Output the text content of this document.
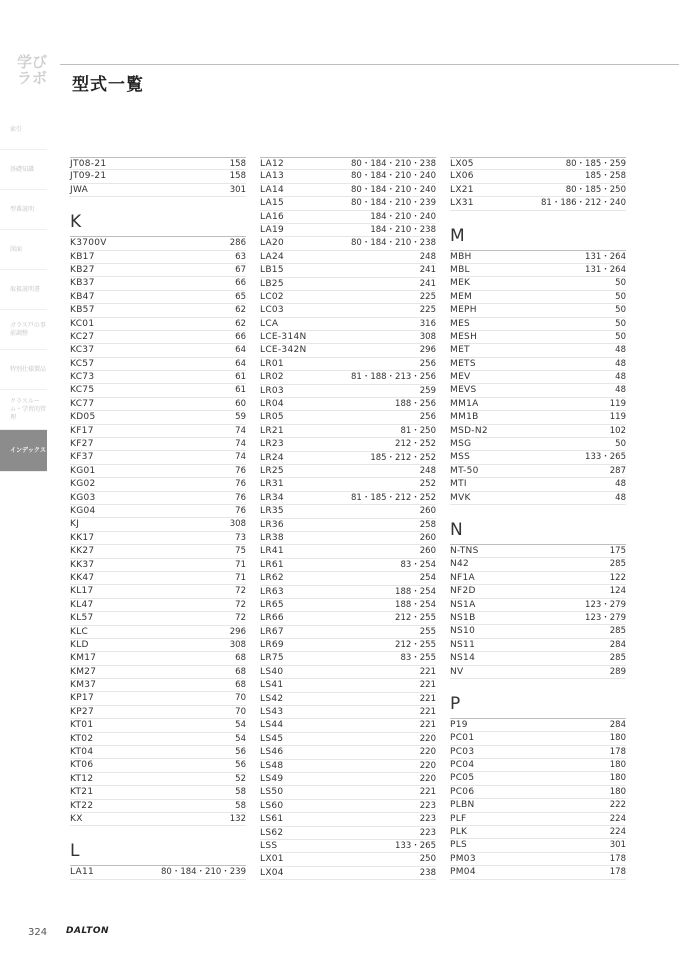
学び
ラボ 型式一覧
索引
基礎知識
型番説明
図面
取扱説明書
ガラス戸の事前調整
特別仕様製品
クラスルーム・学習的管理
インデックス
JT08-21	158
JT09-21	158
JWA	301
K
K3700V	286
KB17	63
KB27	67
KB37	66
KB47	65
KB57	62
KC01	62
KC27	66
KC37	64
KC57	64
KC73	61
KC75	61
KC77	60
KD05	59
KF17	74
KF27	74
KF37	74
KG01	76
KG02	76
KG03	76
KG04	76
KJ	308
KK17	73
KK27	75
KK37	71
KK47	71
KL17	72
KL47	72
KL57	72
KLC	296
KLD	308
KM17	68
KM27	68
KM37	68
KP17	70
KP27	70
KT01	54
KT02	54
KT04	56
KT06	56
KT12	52
KT21	58
KT22	58
KX	132
L
LA11	80・184・210・239
LA12	80・184・210・238
LA13	80・184・210・240
LA14	80・184・210・240
LA15	80・184・210・239
LA16	184・210・240
LA19	184・210・238
LA20	80・184・210・238
LA24	248
LB15	241
LB25	241
LC02	225
LC03	225
LCA	316
LCE-314N	308
LCE-342N	296
LR01	256
LR02	81・188・213・256
LR03	259
LR04	188・256
LR05	256
LR21	81・250
LR23	212・252
LR24	185・212・252
LR25	248
LR31	252
LR34	81・185・212・252
LR35	260
LR36	258
LR38	260
LR41	260
LR61	83・254
LR62	254
LR63	188・254
LR65	188・254
LR66	212・255
LR67	255
LR69	212・255
LR75	83・255
LS40	221
LS41	221
LS42	221
LS43	221
LS44	221
LS45	220
LS46	220
LS48	220
LS49	220
LS50	221
LS60	223
LS61	223
LS62	223
LSS	133・265
LX01	250
LX04	238
LX05	80・185・259
LX06	185・258
LX21	80・185・250
LX31	81・186・212・240
M
MBH	131・264
MBL	131・264
MEK	50
MEM	50
MEPH	50
MES	50
MESH	50
MET	48
METS	48
MEV	48
MEVS	48
MM1A	119
MM1B	119
MSD-N2	102
MSG	50
MSS	133・265
MT-50	287
MTI	48
MVK	48
N
N-TNS	175
N42	285
NF1A	122
NF2D	124
NS1A	123・279
NS1B	123・279
NS10	285
NS11	284
NS14	285
NV	289
P
P19	284
PC01	180
PC03	178
PC04	180
PC05	180
PC06	180
PLBN	222
PLF	224
PLK	224
PLS	301
PM03	178
PM04	178
324 DALTON
